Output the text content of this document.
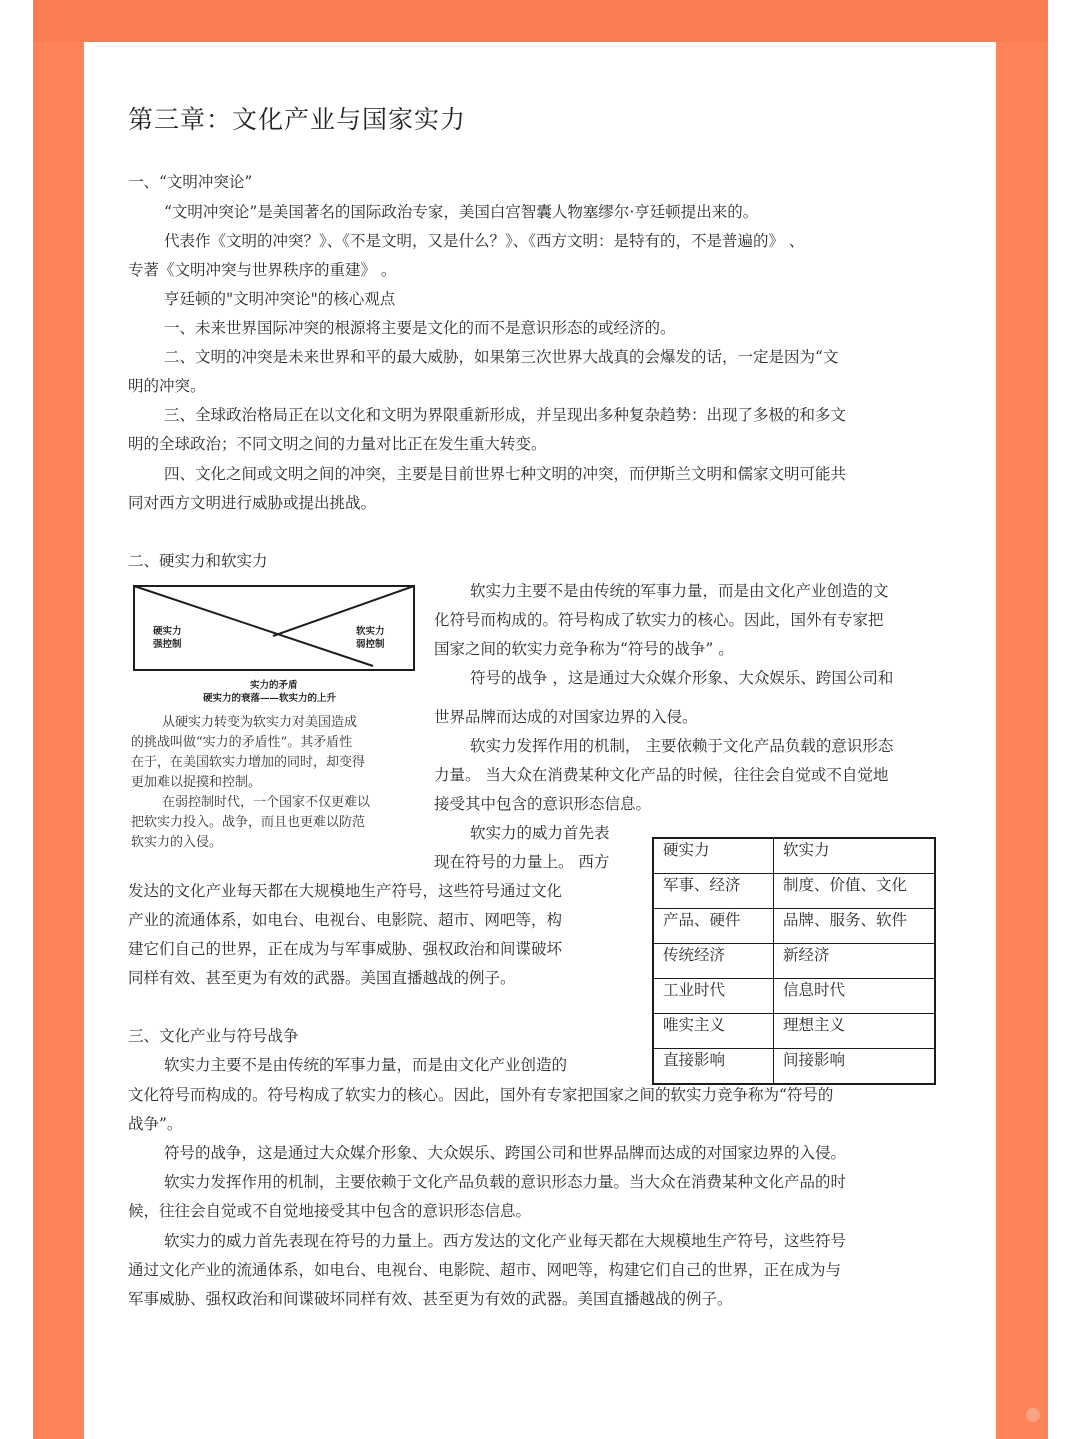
第三章：文化产业与国家实力
一、“文明冲突论”
“文明冲突论”是美国著名的国际政治专家，美国白宫智囊人物塞缪尔·亨廷顿提出来的。
代表作《文明的冲突？》、《不是文明，又是什么？》、《西方文明：是特有的，不是普遍的》 、
专著《文明冲突与世界秩序的重建》 。
亨廷顿的"文明冲突论"的核心观点
一、未来世界国际冲突的根源将主要是文化的而不是意识形态的或经济的。
二、文明的冲突是未来世界和平的最大威胁，如果第三次世界大战真的会爆发的话，一定是因为“文
明的冲突。
三、全球政治格局正在以文化和文明为界限重新形成，并呈现出多种复杂趋势：出现了多极的和多文
明的全球政治；不同文明之间的力量对比正在发生重大转变。
四、文化之间或文明之间的冲突，主要是目前世界七种文明的冲突，而伊斯兰文明和儒家文明可能共
同对西方文明进行威胁或提出挑战。
二、硬实力和软实力
硬实力
强控制
软实力
弱控制
实力的矛盾
硬实力的衰落——软实力的上升
从硬实力转变为软实力对美国造成
的挑战叫做“实力的矛盾性”。其矛盾性
在于，在美国软实力增加的同时，却变得
更加难以捉摸和控制。
在弱控制时代，一个国家不仅更难以
把软实力投入。战争，而且也更难以防范
软实力的入侵。
软实力主要不是由传统的军事力量，而是由文化产业创造的文
化符号而构成的。符号构成了软实力的核心。因此，国外有专家把
国家之间的软实力竞争称为“符号的战争” 。
符号的战争 ，这是通过大众媒介形象、大众娱乐、跨国公司和
世界品牌而达成的对国家边界的入侵。
软实力发挥作用的机制， 主要依赖于文化产品负载的意识形态
力量。 当大众在消费某种文化产品的时候，往往会自觉或不自觉地
接受其中包含的意识形态信息。
软实力的威力首先表
现在符号的力量上。 西方
发达的文化产业每天都在大规模地生产符号，这些符号通过文化
产业的流通体系，如电台、电视台、电影院、超市、网吧等，构
建它们自己的世界，正在成为与军事威胁、强权政治和间谍破坏
同样有效、甚至更为有效的武器。美国直播越战的例子。
硬实力	软实力
军事、经济	制度、价值、文化
产品、硬件	品牌、服务、软件
传统经济	新经济
工业时代	信息时代
唯实主义	理想主义
直接影响	间接影响
三、文化产业与符号战争
软实力主要不是由传统的军事力量，而是由文化产业创造的
文化符号而构成的。符号构成了软实力的核心。因此，国外有专家把国家之间的软实力竞争称为“符号的
战争”。
符号的战争，这是通过大众媒介形象、大众娱乐、跨国公司和世界品牌而达成的对国家边界的入侵。
软实力发挥作用的机制，主要依赖于文化产品负载的意识形态力量。当大众在消费某种文化产品的时
候，往往会自觉或不自觉地接受其中包含的意识形态信息。
软实力的威力首先表现在符号的力量上。西方发达的文化产业每天都在大规模地生产符号，这些符号
通过文化产业的流通体系，如电台、电视台、电影院、超市、网吧等，构建它们自己的世界，正在成为与
军事威胁、强权政治和间谍破坏同样有效、甚至更为有效的武器。美国直播越战的例子。
